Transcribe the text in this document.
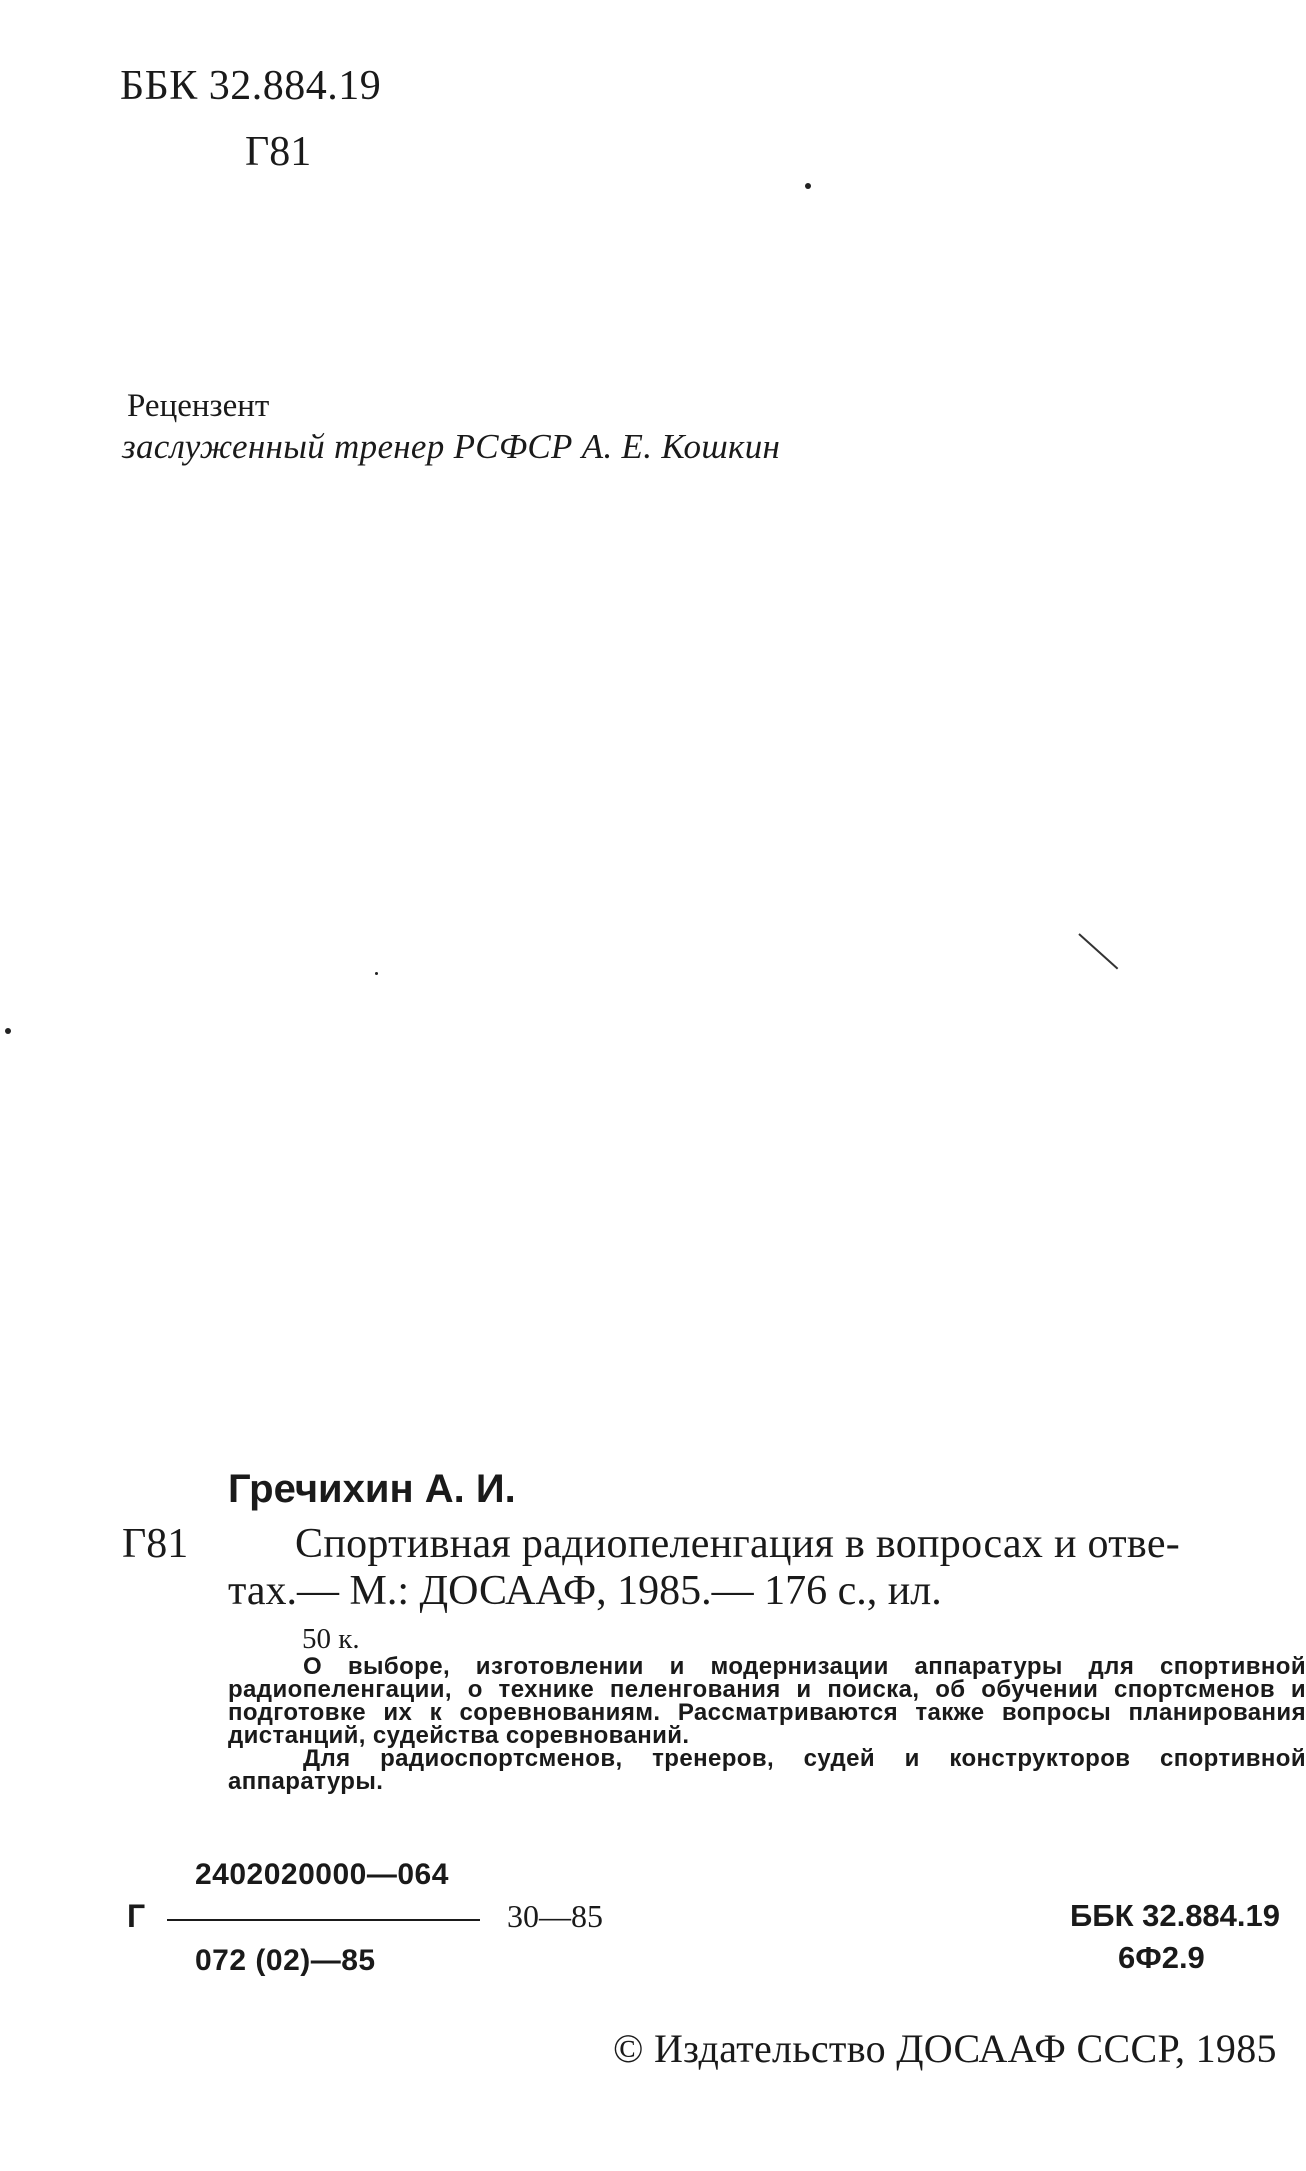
ББК 32.884.19
Г81
Рецензент
заслуженный тренер РСФСР А. Е. Кошкин
Гречихин А. И.
Г81	Спортивная радиопеленгация в вопросах и отве-
тах.— М.: ДОСААФ, 1985.— 176 с., ил.
50 к.

О выборе, изготовлении и модернизации аппаратуры для спортивной радиопеленгации, о технике пеленгования и поиска, об обучении спортсменов и подготовке их к соревнованиям. Рассматриваются также вопросы планирования дистанций, судейства соревнований.

Для радиоспортсменов, тренеров, судей и конструкторов спортивной аппаратуры.

2402020000—064
Г	30—85
072 (02)—85
ББК 32.884.19
6Ф2.9
© Издательство ДОСААФ СССР, 1985
